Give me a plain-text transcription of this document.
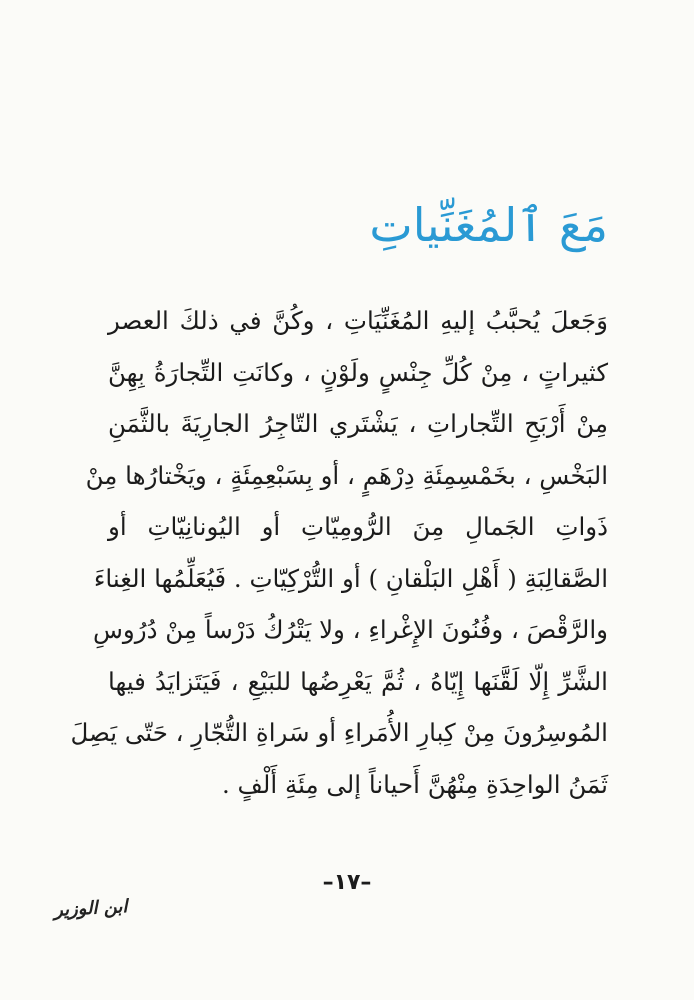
مَعَ ٱلمُغَنِّياتِ
وَجَعلَ يُحبَّبُ إليهِ المُغَنِّيَاتِ ، وكُنَّ في ذلكَ العصر
كثيراتٍ ، مِنْ كُلِّ جِنْسٍ ولَوْنٍ ، وكانَتِ التِّجارَةُ بِهِنَّ
مِنْ أَرْبَحِ التِّجاراتِ ، يَشْتَري التّاجِرُ الجارِيَةَ بالثَّمَنِ
البَخْسِ ، بخَمْسِمِئَةِ دِرْهَمٍ ، أو بِسَبْعِمِئَةٍ ، ويَخْتارُها مِنْ
ذَواتِ الجَمالِ مِنَ الرُّومِيّاتِ أو اليُونانِيّاتِ أو
الصَّقالِبَةِ ( أَهْلِ البَلْقانِ ) أو التُّرْكِيّاتِ . فَيُعَلِّمُها الغِناءَ
والرَّقْصَ ، وفُنُونَ الإِغْراءِ ، ولا يَتْرُكُ دَرْساً مِنْ دُرُوسِ
الشَّرِّ إِلّا لَقَّنَها إِيّاهُ ، ثُمَّ يَعْرِضُها للبَيْعِ ، فَيَتَزايَدُ فيها
المُوسِرُونَ مِنْ كِبارِ الأُمَراءِ أو سَراةِ التُّجّارِ ، حَتّى يَصِلَ
ثَمَنُ الواحِدَةِ مِنْهُنَّ أَحياناً إلى مِئَةِ أَلْفٍ .

–١٧–

ابن الوزير
